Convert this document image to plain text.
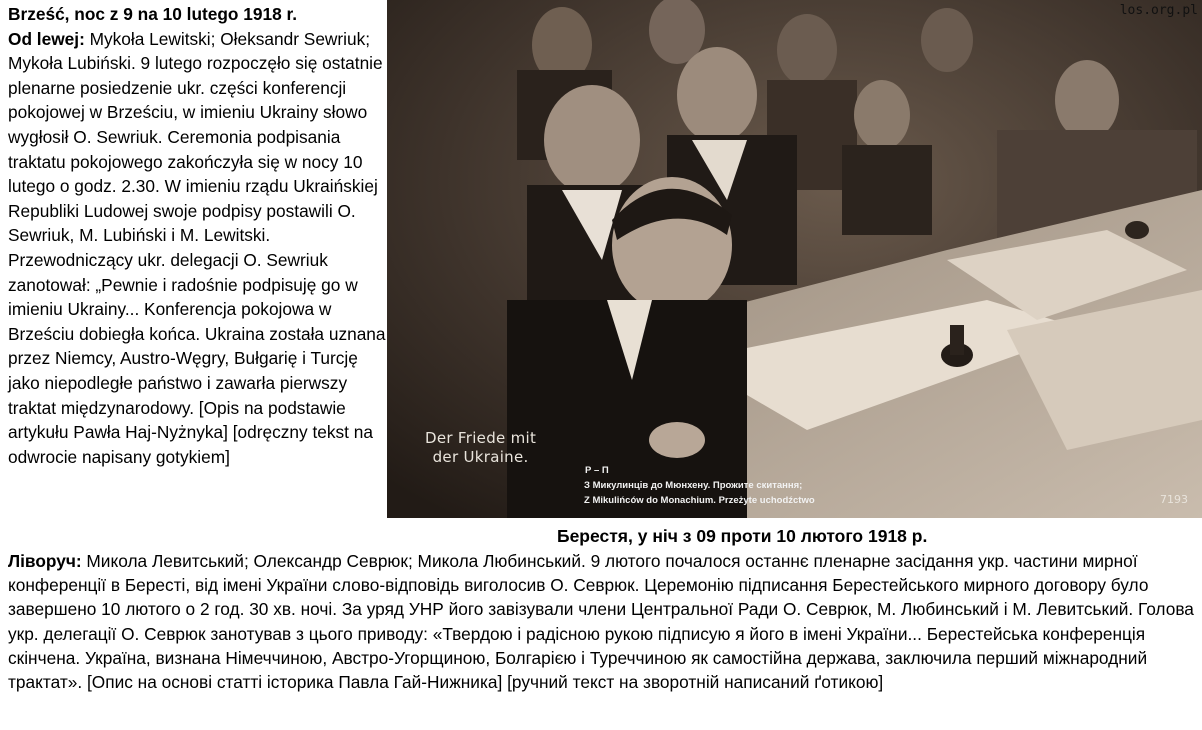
Brześć, noc z 9 na 10 lutego 1918 r.
Od lewej: Mykoła Lewitski; Ołeksandr Sewriuk; Mykoła Lubiński. 9 lutego rozpoczęło się ostatnie plenarne posiedzenie ukr. części konferencji pokojowej w Brześciu, w imieniu Ukrainy słowo wygłosił O. Sewriuk. Ceremonia podpisania traktatu pokojowego zakończyła się w nocy 10 lutego o godz. 2.30. W imieniu rządu Ukraińskiej Republiki Ludowej swoje podpisy postawili O. Sewriuk, M. Lubiński i M. Lewitski. Przewodniczący ukr. delegacji O. Sewriuk zanotował: „Pewnie i radośnie podpisuję go w imieniu Ukrainy... Konferencja pokojowa w Brześciu dobiegła końca. Ukraina została uznana przez Niemcy, Austro-Węgry, Bułgarię i Turcję jako niepodległe państwo i zawarła pierwszy traktat międzynarodowy. [Opis na podstawie artykułu Pawła Haj-Nyżnyka] [odręczny tekst na odwrocie napisany gotykiem]
los.org.pl
Der Friede mit
der Ukraine.
Р – П
З Микулинців до Мюнхену. Прожите скитання;
Z Mikulińców do Monachium. Przeżyte uchodźctwo	7193
Берестя, у ніч з 09 проти 10 лютого 1918 р.
Ліворуч: Микола Левитський; Олександр Севрюк; Микола Любинський. 9 лютого почалося останнє пленарне засідання укр. частини мирної конференції в Бересті, від імені України слово-відповідь виголосив О. Севрюк. Церемонію підписання Берестейського мирного договору було завершено 10 лютого о 2 год. 30 хв. ночі. За уряд УНР його завізували члени Центральної Ради О. Севрюк, М. Любинський і М. Левитський. Голова укр. делегації О. Севрюк занотував з цього приводу: «Твердою і радісною рукою підписую я його в імені України... Берестейська конференція скінчена. Україна, визнана Німеччиною, Австро-Угорщиною, Болгарією і Туреччиною як самостійна держава, заключила перший міжнародний трактат». [Опис на основі статті історика Павла Гай-Нижника] [ручний текст на зворотній написаний ґотикою]
